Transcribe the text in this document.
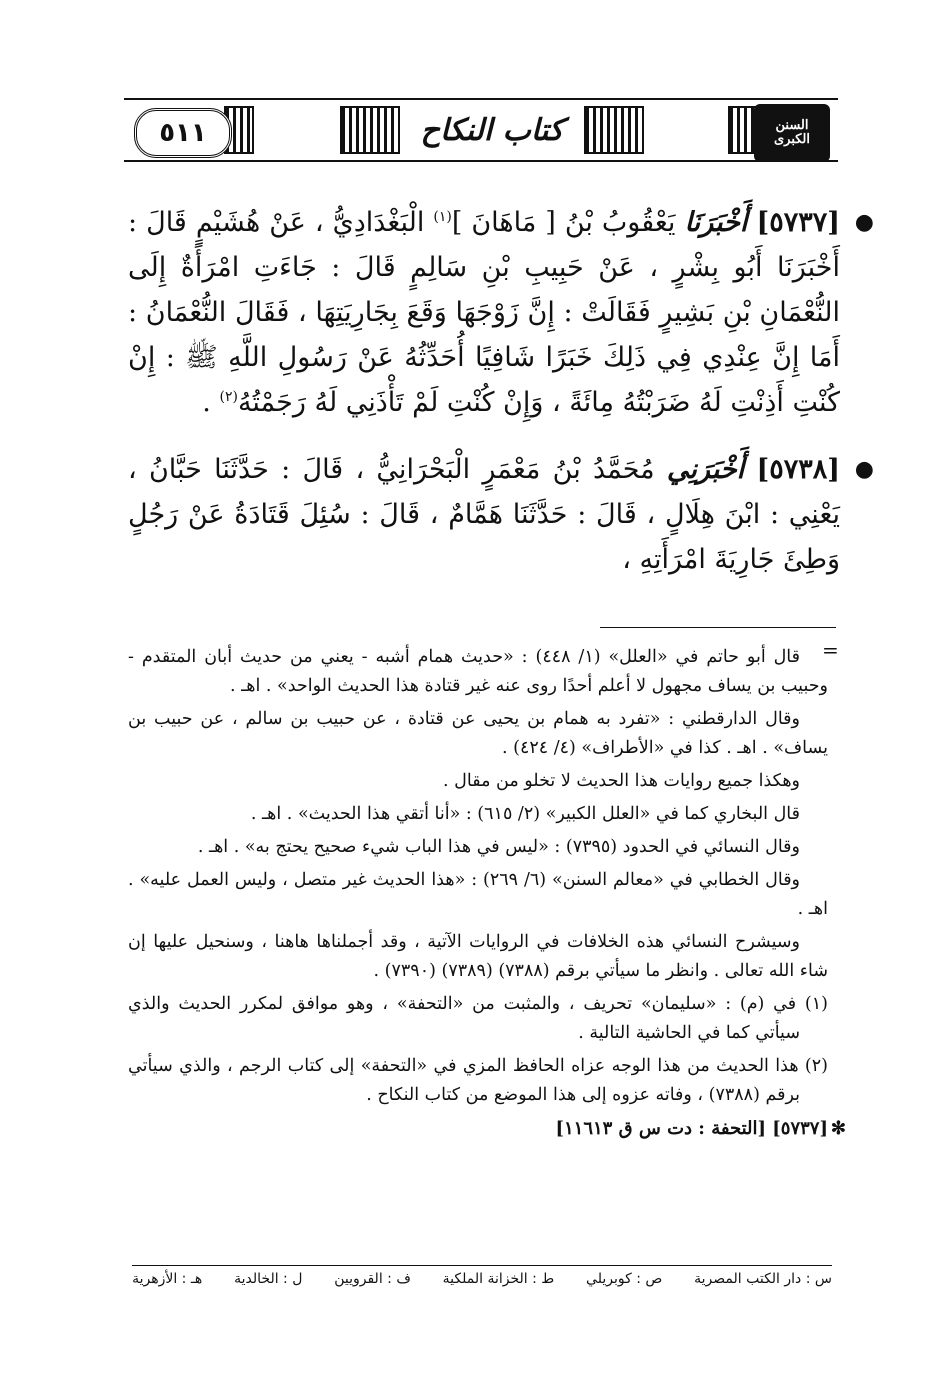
٥١١	كتاب النكاح	السنن الكبرى

●
[٥٧٣٧] أَخْبَرَنَا يَعْقُوبُ بْنُ [ مَاهَانَ ]$^{(١)}$ الْبَغْدَادِيُّ ، عَنْ هُشَيْمٍ قَالَ : أَخْبَرَنَا أَبُو بِشْرٍ ، عَنْ حَبِيبِ بْنِ سَالِمٍ قَالَ : جَاءَتِ امْرَأَةٌ إِلَى النُّعْمَانِ بْنِ بَشِيرٍ فَقَالَتْ : إِنَّ زَوْجَهَا وَقَعَ بِجَارِيَتِهَا ، فَقَالَ النُّعْمَانُ : أَمَا إِنَّ عِنْدِي فِي ذَلِكَ خَبَرًا شَافِيًا أُحَدِّثُهُ عَنْ رَسُولِ اللَّهِ ﷺ : إِنْ كُنْتِ أَذِنْتِ لَهُ ضَرَبْتُهُ مِائَةً ، وَإِنْ كُنْتِ لَمْ تَأْذَنِي لَهُ رَجَمْتُهُ$^{(٢)}$ .

●
[٥٧٣٨] أَخْبَرَنِي مُحَمَّدُ بْنُ مَعْمَرٍ الْبَحْرَانِيُّ ، قَالَ : حَدَّثَنَا حَبَّانُ ، يَعْنِي : ابْنَ هِلَالٍ ، قَالَ : حَدَّثَنَا هَمَّامٌ ، قَالَ : سُئِلَ قَتَادَةُ عَنْ رَجُلٍ وَطِئَ جَارِيَةَ امْرَأَتِهِ ،

=

قال أبو حاتم في «العلل» (١/ ٤٤٨) : «حديث همام أشبه - يعني من حديث أبان المتقدم - وحبيب بن يساف مجهول لا أعلم أحدًا روى عنه غير قتادة هذا الحديث الواحد» . اهـ .

وقال الدارقطني : «تفرد به همام بن يحيى عن قتادة ، عن حبيب بن سالم ، عن حبيب بن يساف» . اهـ . كذا في «الأطراف» (٤/ ٤٢٤) .

وهكذا جميع روايات هذا الحديث لا تخلو من مقال .

قال البخاري كما في «العلل الكبير» (٢/ ٦١٥) : «أنا أتقي هذا الحديث» . اهـ .

وقال النسائي في الحدود (٧٣٩٥) : «ليس في هذا الباب شيء صحيح يحتج به» . اهـ .

وقال الخطابي في «معالم السنن» (٦/ ٢٦٩) : «هذا الحديث غير متصل ، وليس العمل عليه» . اهـ .

وسيشرح النسائي هذه الخلافات في الروايات الآتية ، وقد أجملناها هاهنا ، وسنحيل عليها إن شاء الله تعالى . وانظر ما سيأتي برقم (٧٣٨٨) (٧٣٨٩) (٧٣٩٠) .

(١) في (م) : «سليمان» تحريف ، والمثبت من «التحفة» ، وهو موافق لمكرر الحديث والذي سيأتي كما في الحاشية التالية .

(٢) هذا الحديث من هذا الوجه عزاه الحافظ المزي في «التحفة» إلى كتاب الرجم ، والذي سيأتي برقم (٧٣٨٨) ، وفاته عزوه إلى هذا الموضع من كتاب النكاح .

✻
[٥٧٣٧] [التحفة : دت س ق ١١٦١٣]

س : دار الكتب المصرية
ص : كوبريلي
ط : الخزانة الملكية
ف : القرويين
ل : الخالدية
هـ : الأزهرية
